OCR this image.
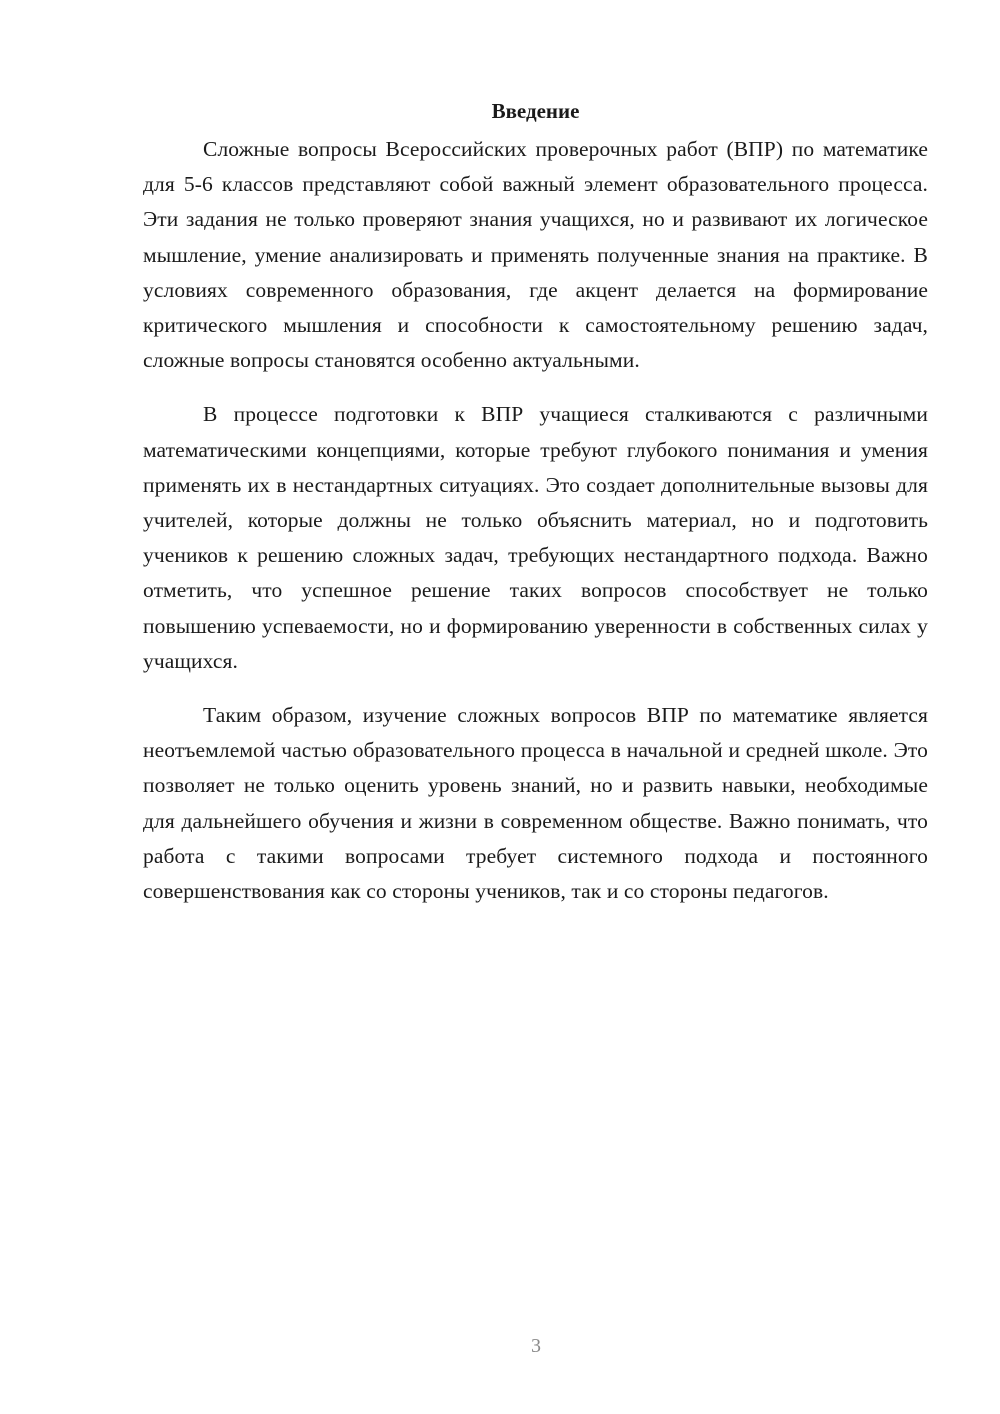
Введение

Сложные вопросы Всероссийских проверочных работ (ВПР) по математике для 5-6 классов представляют собой важный элемент образовательного процесса. Эти задания не только проверяют знания учащихся, но и развивают их логическое мышление, умение анализировать и применять полученные знания на практике. В условиях современного образования, где акцент делается на формирование критического мышления и способности к самостоятельному решению задач, сложные вопросы становятся особенно актуальными.

В процессе подготовки к ВПР учащиеся сталкиваются с различными математическими концепциями, которые требуют глубокого понимания и умения применять их в нестандартных ситуациях. Это создает дополнительные вызовы для учителей, которые должны не только объяснить материал, но и подготовить учеников к решению сложных задач, требующих нестандартного подхода. Важно отметить, что успешное решение таких вопросов способствует не только повышению успеваемости, но и формированию уверенности в собственных силах у учащихся.

Таким образом, изучение сложных вопросов ВПР по математике является неотъемлемой частью образовательного процесса в начальной и средней школе. Это позволяет не только оценить уровень знаний, но и развить навыки, необходимые для дальнейшего обучения и жизни в современном обществе. Важно понимать, что работа с такими вопросами требует системного подхода и постоянного совершенствования как со стороны учеников, так и со стороны педагогов.

3
